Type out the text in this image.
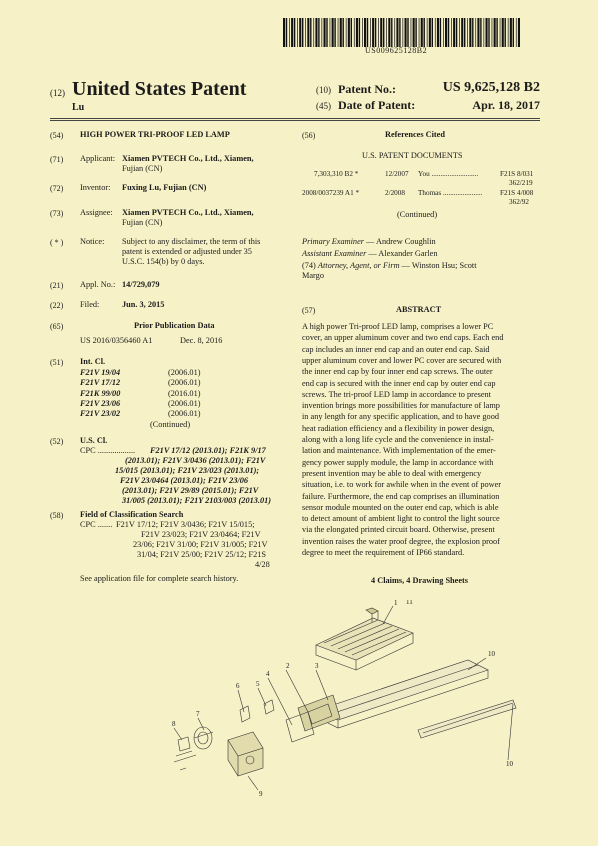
US009625128B2
(12) United States Patent
Lu
(10) Patent No.:	US 9,625,128 B2
(45) Date of Patent:	Apr. 18, 2017
(54) HIGH POWER TRI-PROOF LED LAMP
(71) Applicant: Xiamen PVTECH Co., Ltd., Xiamen,
Fujian (CN)
(72) Inventor: Fuxing Lu, Fujian (CN)
(73) Assignee: Xiamen PVTECH Co., Ltd., Xiamen,
Fujian (CN)
( * ) Notice: Subject to any disclaimer, the term of this
patent is extended or adjusted under 35
U.S.C. 154(b) by 0 days.
(21) Appl. No.: 14/729,079
(22) Filed:	Jun. 3, 2015
(65)	Prior Publication Data
US 2016/0356460 A1	Dec. 8, 2016
(51) Int. Cl.
F21V 19/04	(2006.01)
F21V 17/12	(2006.01)
F21K 99/00	(2016.01)
F21V 23/06	(2006.01)
F21V 23/02	(2006.01)
(Continued)
(52) U.S. Cl.
CPC .................. F21V 17/12 (2013.01); F21K 9/17
(2013.01); F21V 3/0436 (2013.01); F21V
15/015 (2013.01); F21V 23/023 (2013.01);
F21V 23/0464 (2013.01); F21V 23/06
(2013.01); F21V 29/89 (2015.01); F21V
31/005 (2013.01); F21Y 2103/003 (2013.01)
(58) Field of Classification Search
CPC ....... F21V 17/12; F21V 3/0436; F21V 15/015;
F21V 23/023; F21V 23/0464; F21V
23/06; F21V 31/00; F21V 31/005; F21V
31/04; F21V 25/00; F21V 25/12; F21S
4/28
See application file for complete search history.
(56)	References Cited
U.S. PATENT DOCUMENTS
7,303,310 B2 *	12/2007 You ..........................	F21S 8/031
362/219
2008/0037239 A1 *	2/2008 Thomas ...................... F21S 4/008
362/92
(Continued)
Primary Examiner — Andrew Coughlin
Assistant Examiner — Alexander Garlen
(74) Attorney, Agent, or Firm — Winston Hsu; Scott
Margo
(57)	ABSTRACT
A high power Tri-proof LED lamp, comprises a lower PC
cover, an upper aluminum cover and two end caps. Each end
cap includes an inner end cap and an outer end cap. Said
upper aluminum cover and lower PC cover are secured with
the inner end cap by four inner end cap screws. The outer
end cap is secured with the inner end cap by outer end cap
screws. The tri-proof LED lamp in accordance to present
invention brings more possibilities for manufacture of lamp
in any length for any specific application, and to have good
heat radiation efficiency and a flexibility in power design,
along with a long life cycle and the convenience in instal-
lation and maintenance. With implementation of the emer-
gency power supply module, the lamp in accordance with
present invention may be able to deal with emergency
situation, i.e. to work for awhile when in the event of power
failure. Furthermore, the end cap comprises an illumination
sensor module mounted on the outer end cap, which is able
to detect amount of ambient light to control the light source
via the elongated printed circuit board. Otherwise, present
invention raises the water proof degree, the explosion proof
degree to meet the requirement of IP66 standard.
4 Claims, 4 Drawing Sheets
1 11
10
2	3
4
5
6
7
8
9
10
